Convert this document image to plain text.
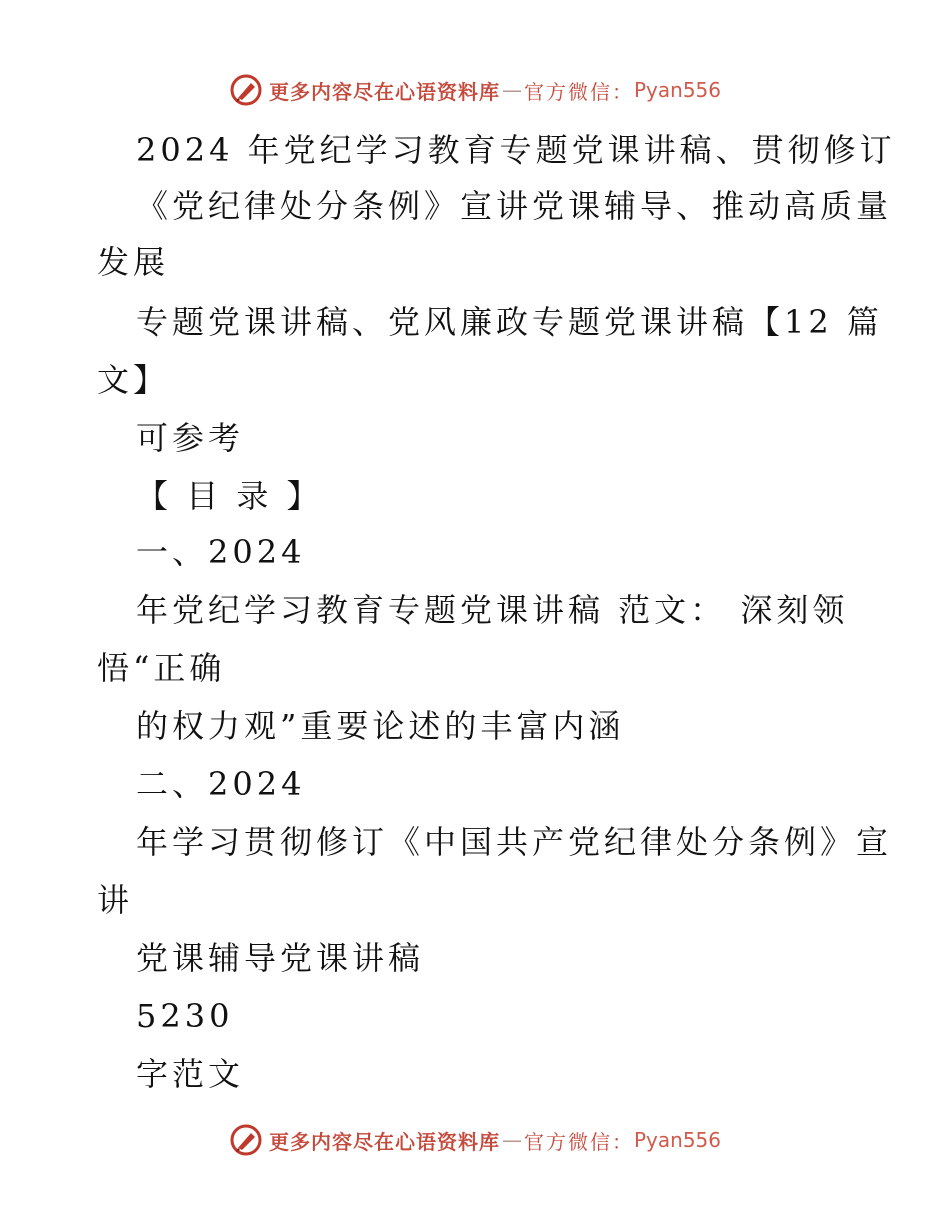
更多内容尽在心语资料库 — 官方微信： Pyan556
2024 年党纪学习教育专题党课讲稿、贯彻修订
《党纪律处分条例》宣讲党课辅导、推动高质量
发展
专题党课讲稿、党风廉政专题党课讲稿【12 篇
文】
可参考
【 目 录 】
一、2024
年党纪学习教育专题党课讲稿 范文： 深刻领
悟“正确
的权力观”重要论述的丰富内涵
二、2024
年学习贯彻修订《中国共产党纪律处分条例》宣
讲
党课辅导党课讲稿
5230
字范文
更多内容尽在心语资料库 — 官方微信： Pyan556
